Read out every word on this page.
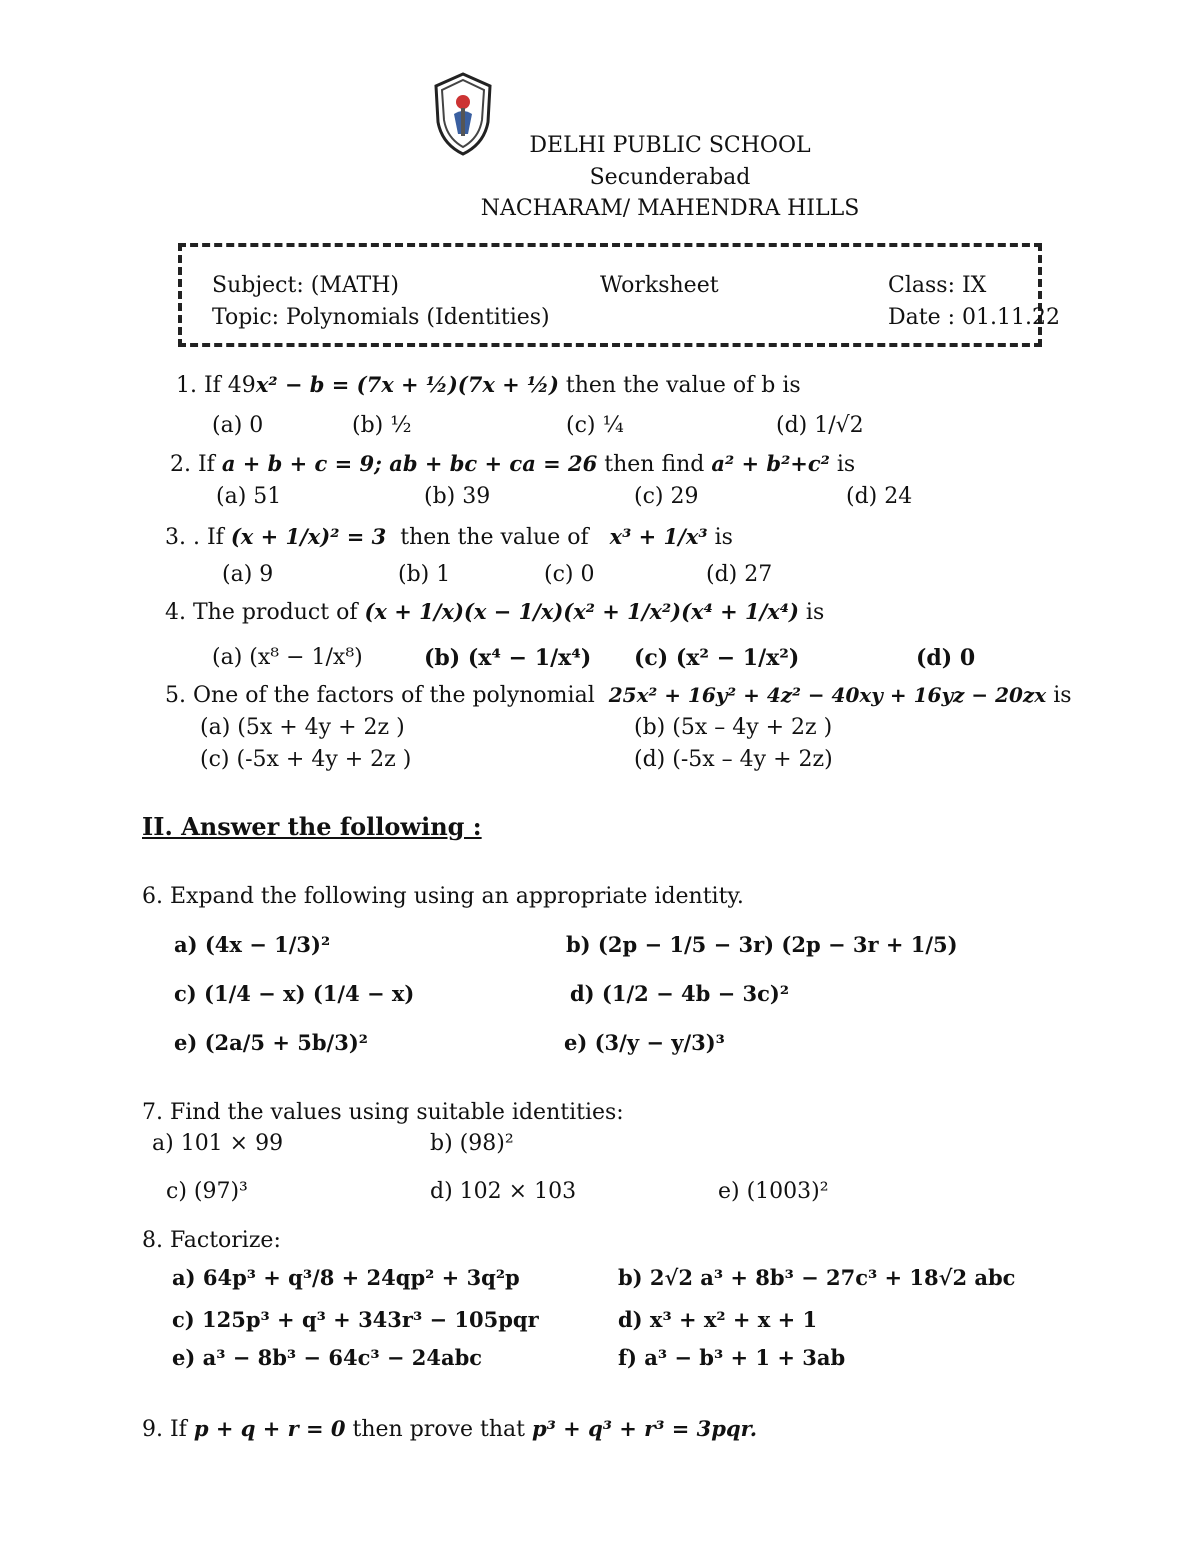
DELHI PUBLIC SCHOOL
Secunderabad
NACHARAM/ MAHENDRA HILLS
Subject: (MATH)	Worksheet	Class: IX
Topic: Polynomials (Identities)	Date : 01.11.22
1. If 49x² − b = (7x + ½)(7x + ½) then the value of b is
(a) 0	(b) ½	(c) ¼	(d) 1/√2
2. If a + b + c = 9; ab + bc + ca = 26 then find a² + b²+c² is
(a) 51	(b) 39	(c) 29	(d) 24
3. . If (x + 1/x)² = 3 then the value of x³ + 1/x³ is
(a) 9	(b) 1	(c) 0	(d) 27
4. The product of (x + 1/x)(x − 1/x)(x² + 1/x²)(x⁴ + 1/x⁴) is
(a) (x⁸ − 1/x⁸)	(b) (x⁴ − 1/x⁴) (c) (x² − 1/x²)	(d) 0
5. One of the factors of the polynomial 25x² + 16y² + 4z² − 40xy + 16yz − 20zx is
(a) (5x + 4y + 2z )	(b) (5x – 4y + 2z )
(c) (-5x + 4y + 2z )	(d) (-5x – 4y + 2z)
II. Answer the following :
6. Expand the following using an appropriate identity.
a) (4x − 1/3)²	b) (2p − 1/5 − 3r) (2p − 3r + 1/5)
c) (1/4 − x) (1/4 − x)	d) (1/2 − 4b − 3c)²
e) (2a/5 + 5b/3)²	e) (3/y − y/3)³
7. Find the values using suitable identities:
a) 101 × 99	b) (98)²
c) (97)³	d) 102 × 103	e) (1003)²
8. Factorize:
a) 64p³ + q³/8 + 24qp² + 3q²p	b) 2√2 a³ + 8b³ − 27c³ + 18√2 abc
c) 125p³ + q³ + 343r³ − 105pqr	d) x³ + x² + x + 1
e) a³ − 8b³ − 64c³ − 24abc	f) a³ − b³ + 1 + 3ab
9. If p + q + r = 0 then prove that p³ + q³ + r³ = 3pqr.
